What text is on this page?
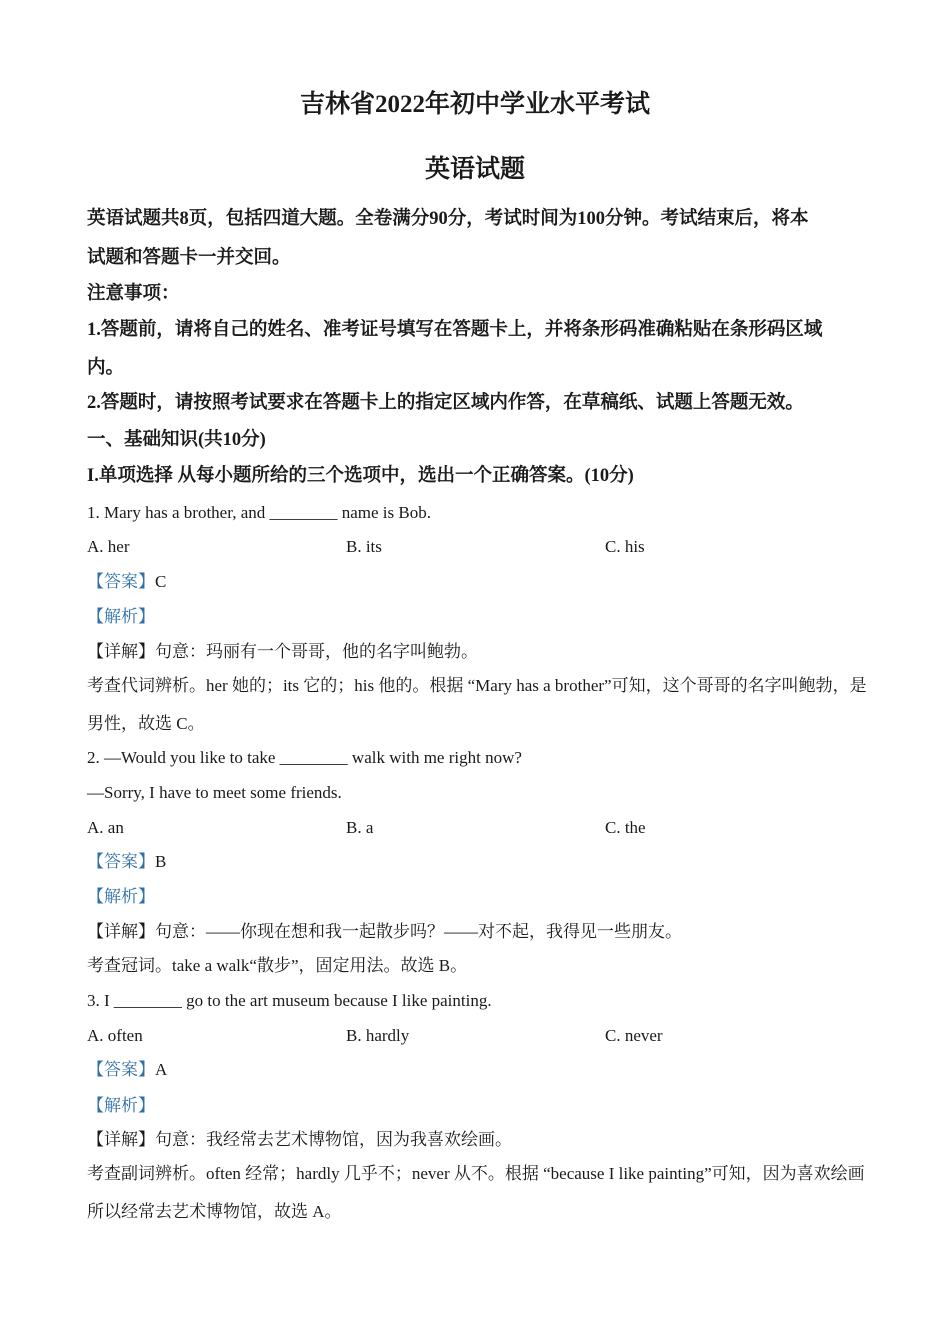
吉林省2022年初中学业水平考试
英语试题

英语试题共8页，包括四道大题。全卷满分90分，考试时间为100分钟。考试结束后，将本

试题和答题卡一并交回。

注意事项：

1.答题前，请将自己的姓名、准考证号填写在答题卡上，并将条形码准确粘贴在条形码区域

内。

2.答题时，请按照考试要求在答题卡上的指定区域内作答，在草稿纸、试题上答题无效。

一、基础知识(共10分)

I.单项选择 从每小题所给的三个选项中，选出一个正确答案。(10分)

1. Mary has a brother, and ________ name is Bob.

A. her	B. its	C. his

【答案】C

【解析】

【详解】句意：玛丽有一个哥哥，他的名字叫鲍勃。

考查代词辨析。her 她的；its 它的；his 他的。根据 “Mary has a brother”可知，这个哥哥的名字叫鲍勃，是

男性，故选 C。

2. —Would you like to take ________ walk with me right now?

—Sorry, I have to meet some friends.

A. an	B. a	C. the

【答案】B

【解析】

【详解】句意：——你现在想和我一起散步吗？——对不起，我得见一些朋友。

考查冠词。take a walk“散步”，固定用法。故选 B。

3. I ________ go to the art museum because I like painting.

A. often	B. hardly	C. never

【答案】A

【解析】

【详解】句意：我经常去艺术博物馆，因为我喜欢绘画。

考查副词辨析。often 经常；hardly 几乎不；never 从不。根据 “because I like painting”可知，因为喜欢绘画

所以经常去艺术博物馆，故选 A。
